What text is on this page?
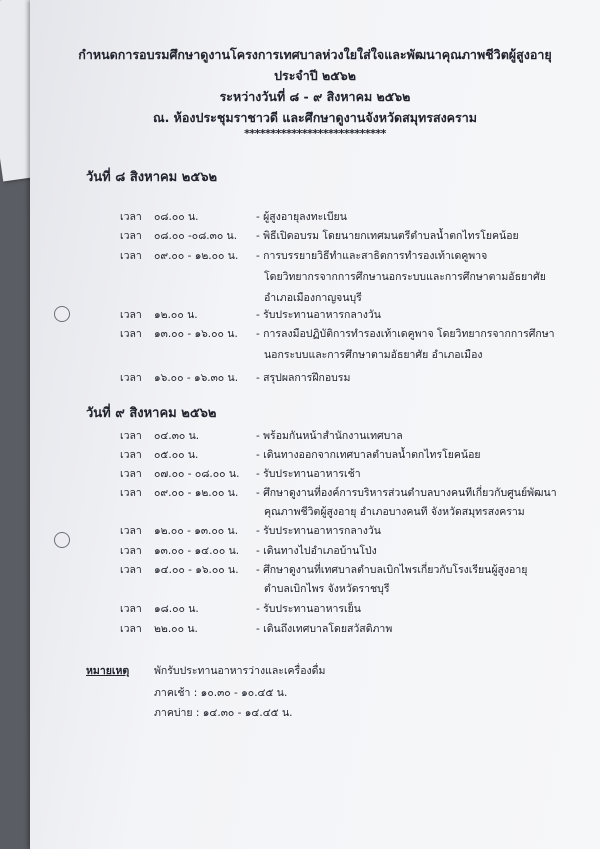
กำหนดการอบรมศึกษาดูงานโครงการเทศบาลห่วงใยใส่ใจและพัฒนาคุณภาพชีวิตผู้สูงอายุ
ประจำปี ๒๕๖๒
ระหว่างวันที่ ๘ - ๙ สิงหาคม ๒๕๖๒
ณ. ห้องประชุมราชาวดี และศึกษาดูงานจังหวัดสมุทรสงคราม
***************************
วันที่ ๘ สิงหาคม ๒๕๖๒
เวลา ๐๘.๐๐ น.	- ผู้สูงอายุลงทะเบียน
เวลา ๐๘.๐๐ -๐๘.๓๐ น. - พิธีเปิดอบรม โดยนายกเทศมนตรีตำบลน้ำตกไทรโยคน้อย
เวลา ๐๙.๐๐ - ๑๒.๐๐ น. - การบรรยายวิธีทำและสาธิตการทำรองเท้าเดคูพาจ
โดยวิทยากรจากการศึกษานอกระบบและการศึกษาตามอัธยาศัย
อำเภอเมืองกาญจนบุรี
เวลา ๑๒.๐๐ น.	- รับประทานอาหารกลางวัน
เวลา ๑๓.๐๐ - ๑๖.๐๐ น. - การลงมือปฏิบัติการทำรองเท้าเดคูพาจ โดยวิทยากรจากการศึกษา
นอกระบบและการศึกษาตามอัธยาศัย อำเภอเมือง
เวลา ๑๖.๐๐ - ๑๖.๓๐ น. - สรุปผลการฝึกอบรม
วันที่ ๙ สิงหาคม ๒๕๖๒
เวลา ๐๔.๓๐ น.	- พร้อมกันหน้าสำนักงานเทศบาล
เวลา ๐๕.๐๐ น.	- เดินทางออกจากเทศบาลตำบลน้ำตกไทรโยคน้อย
เวลา ๐๗.๐๐ - ๐๘.๐๐ น. - รับประทานอาหารเช้า
เวลา ๐๙.๐๐ - ๑๒.๐๐ น. - ศึกษาดูงานที่องค์การบริหารส่วนตำบลบางคนทีเกี่ยวกับศูนย์พัฒนา
คุณภาพชีวิตผู้สูงอายุ อำเภอบางคนที จังหวัดสมุทรสงคราม
เวลา ๑๒.๐๐ - ๑๓.๐๐ น. - รับประทานอาหารกลางวัน
เวลา ๑๓.๐๐ - ๑๔.๐๐ น. - เดินทางไปอำเภอบ้านโป่ง
เวลา ๑๔.๐๐ - ๑๖.๐๐ น. - ศึกษาดูงานที่เทศบาลตำบลเบิกไพรเกี่ยวกับโรงเรียนผู้สูงอายุ
ตำบลเบิกไพร จังหวัดราชบุรี
เวลา ๑๘.๐๐ น.	- รับประทานอาหารเย็น
เวลา ๒๒.๐๐ น.	- เดินถึงเทศบาลโดยสวัสดิภาพ
หมายเหตุ พักรับประทานอาหารว่างและเครื่องดื่ม
ภาคเช้า : ๑๐.๓๐ - ๑๐.๔๕ น.
ภาคบ่าย : ๑๔.๓๐ - ๑๔.๔๕ น.
